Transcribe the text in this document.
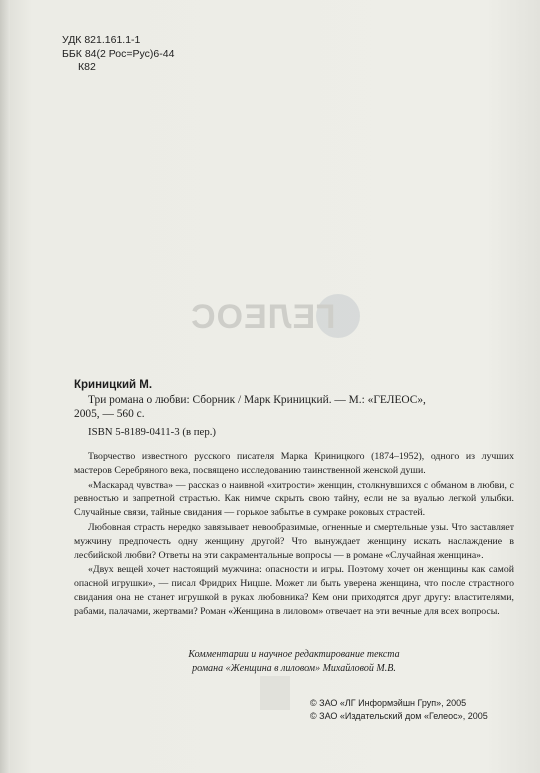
УДК 821.161.1-1
ББК 84(2 Рос=Рус)6-44
К82
ГЕЛЕОС
Криницкий М.
Три романа о любви: Сборник / Марк Криницкий. — М.: «ГЕЛЕОС»,
2005, — 560 с.
ISBN 5-8189-0411-3 (в пер.)

Творчество известного русского писателя Марка Криницкого (1874–1952), одного из лучших мастеров Серебряного века, посвящено исследованию таинственной женской души.

«Маскарад чувства» — рассказ о наивной «хитрости» женщин, столкнувшихся с обманом в любви, с ревностью и запретной страстью. Как нимче скрыть свою тайну, если не за вуалью легкой улыбки. Случайные связи, тайные свидания — горькое забытье в сумраке роковых страстей.

Любовная страсть нередко завязывает невообразимые, огненные и смертельные узы. Что заставляет мужчину предпочесть одну женщину другой? Что вынуждает женщину искать наслаждение в лесбийской любви? Ответы на эти сакраментальные вопросы — в романе «Случайная женщина».

«Двух вещей хочет настоящий мужчина: опасности и игры. Поэтому хочет он женщины как самой опасной игрушки», — писал Фридрих Ницше. Может ли быть уверена женщина, что после страстного свидания она не станет игрушкой в руках любовника? Кем они приходятся друг другу: властителями, рабами, палачами, жертвами? Роман «Женщина в лиловом» отвечает на эти вечные для всех вопросы.

Комментарии и научное редактирование текста
романа «Женщина в лиловом» Михайловой М.В.
© ЗАО «ЛГ Информэйшн Груп», 2005
© ЗАО «Издательский дом «Гелеос», 2005
